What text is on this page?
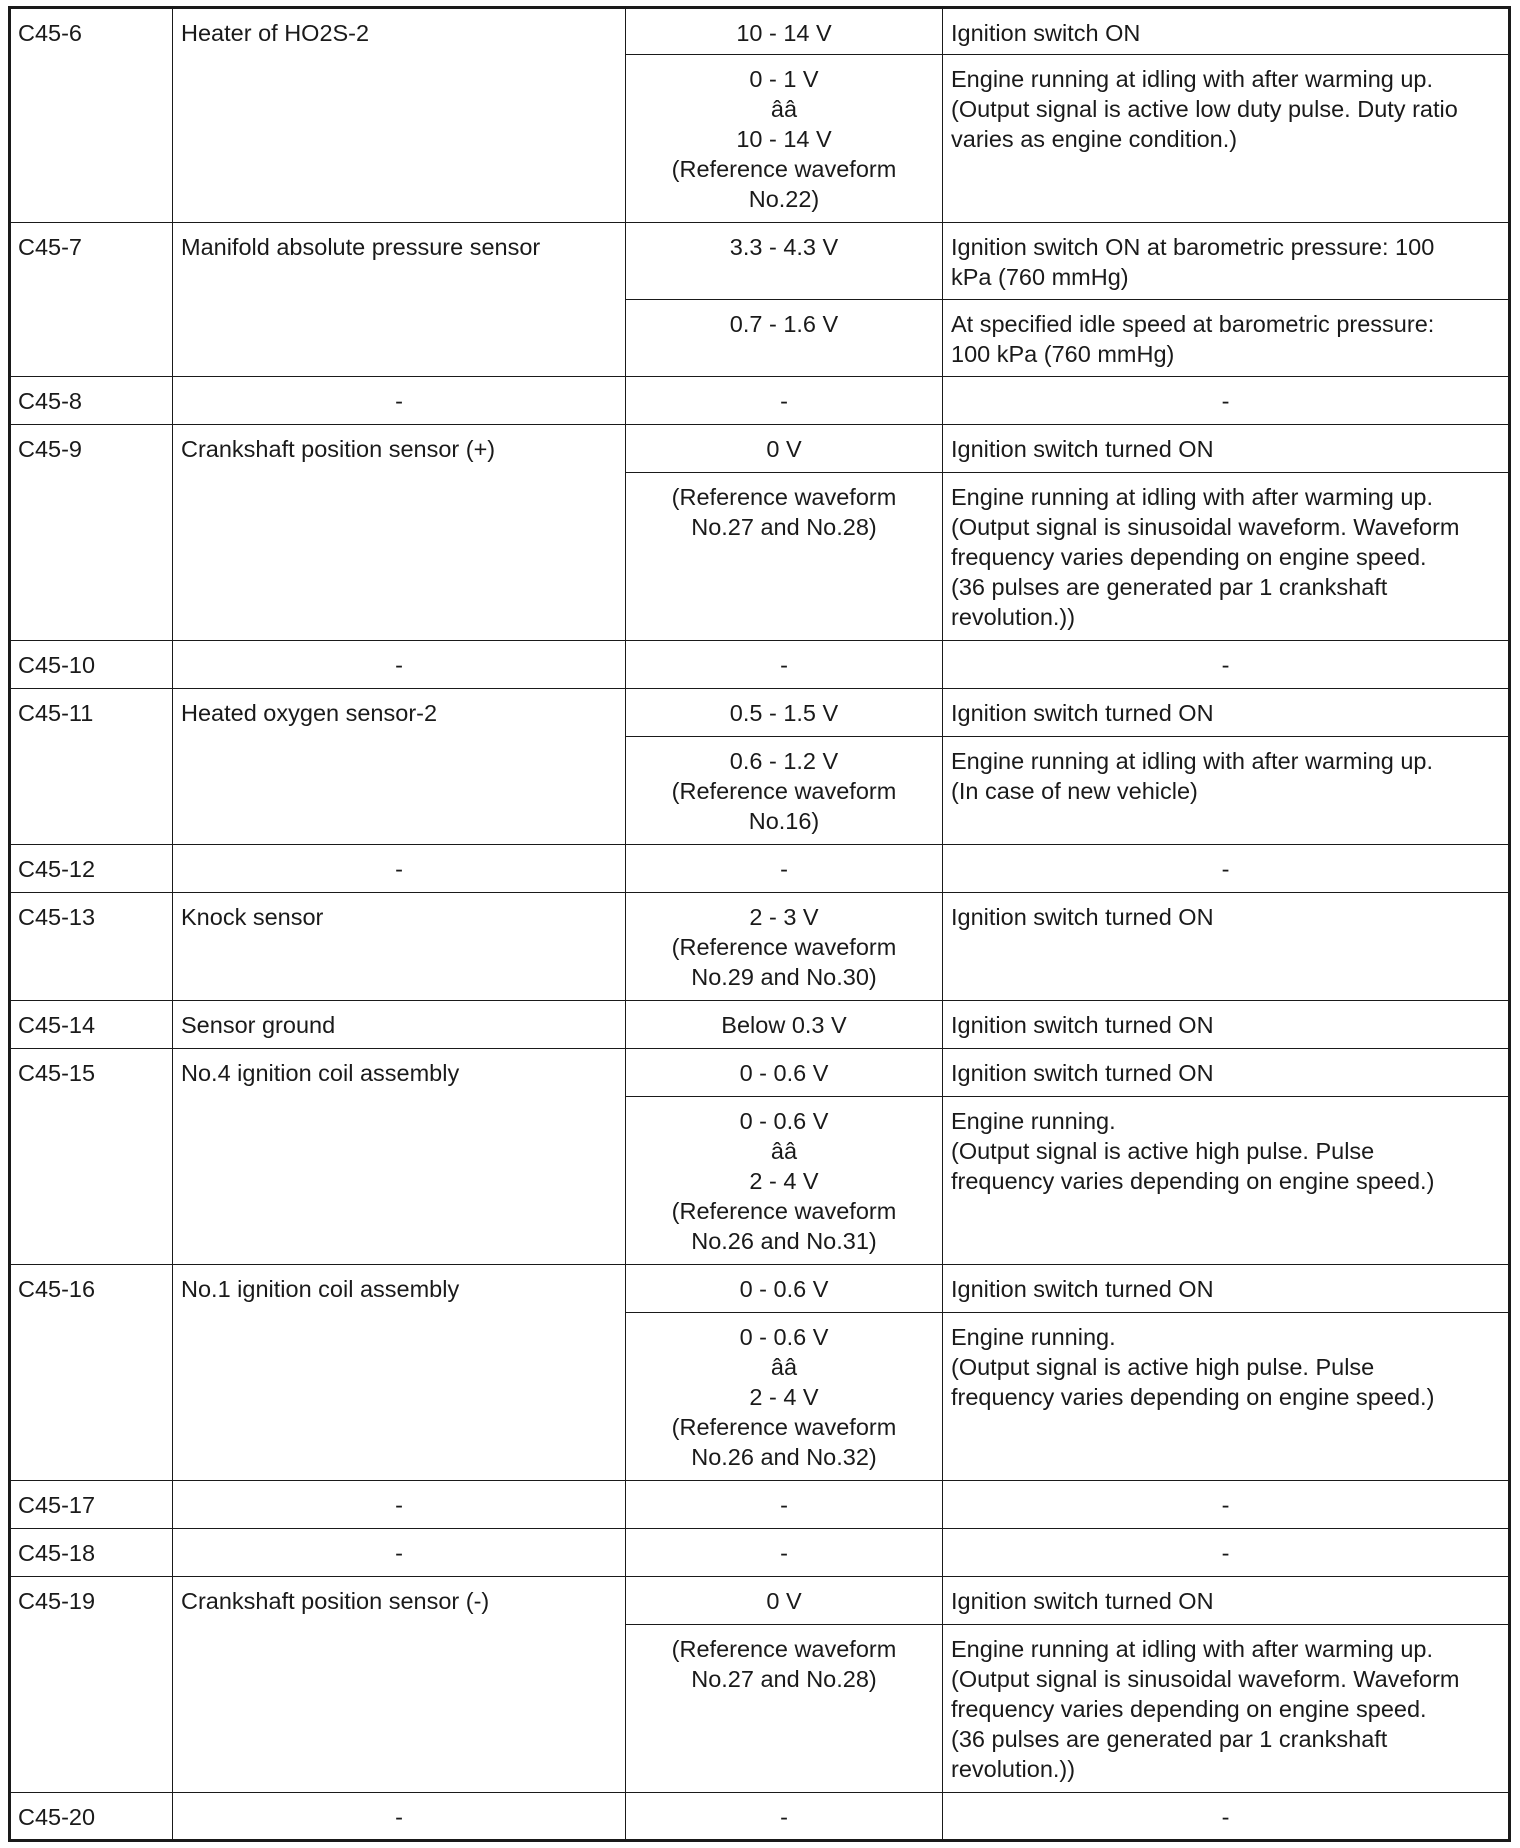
C45-6	Heater of HO2S-2	10 - 14 V	Ignition switch ON
		0 - 1 V
ââ
10 - 14 V
(Reference waveform
No.22)	Engine running at idling with after warming up.
(Output signal is active low duty pulse. Duty ratio
varies as engine condition.)
C45-7	Manifold absolute pressure sensor	3.3 - 4.3 V	Ignition switch ON at barometric pressure: 100
kPa (760 mmHg)
		0.7 - 1.6 V	At specified idle speed at barometric pressure:
100 kPa (760 mmHg)
C45-8	-	-	-
C45-9	Crankshaft position sensor (+)	0 V	Ignition switch turned ON
		(Reference waveform
No.27 and No.28)	Engine running at idling with after warming up.
(Output signal is sinusoidal waveform. Waveform
frequency varies depending on engine speed.
(36 pulses are generated par 1 crankshaft
revolution.))
C45-10	-	-	-
C45-11	Heated oxygen sensor-2	0.5 - 1.5 V	Ignition switch turned ON
		0.6 - 1.2 V
(Reference waveform
No.16)	Engine running at idling with after warming up.
(In case of new vehicle)
C45-12	-	-	-
C45-13	Knock sensor	2 - 3 V
(Reference waveform
No.29 and No.30)	Ignition switch turned ON
C45-14	Sensor ground	Below 0.3 V	Ignition switch turned ON
C45-15	No.4 ignition coil assembly	0 - 0.6 V	Ignition switch turned ON
		0 - 0.6 V
ââ
2 - 4 V
(Reference waveform
No.26 and No.31)	Engine running.
(Output signal is active high pulse. Pulse
frequency varies depending on engine speed.)
C45-16	No.1 ignition coil assembly	0 - 0.6 V	Ignition switch turned ON
		0 - 0.6 V
ââ
2 - 4 V
(Reference waveform
No.26 and No.32)	Engine running.
(Output signal is active high pulse. Pulse
frequency varies depending on engine speed.)
C45-17	-	-	-
C45-18	-	-	-
C45-19	Crankshaft position sensor (-)	0 V	Ignition switch turned ON
		(Reference waveform
No.27 and No.28)	Engine running at idling with after warming up.
(Output signal is sinusoidal waveform. Waveform
frequency varies depending on engine speed.
(36 pulses are generated par 1 crankshaft
revolution.))
C45-20	-	-	-
